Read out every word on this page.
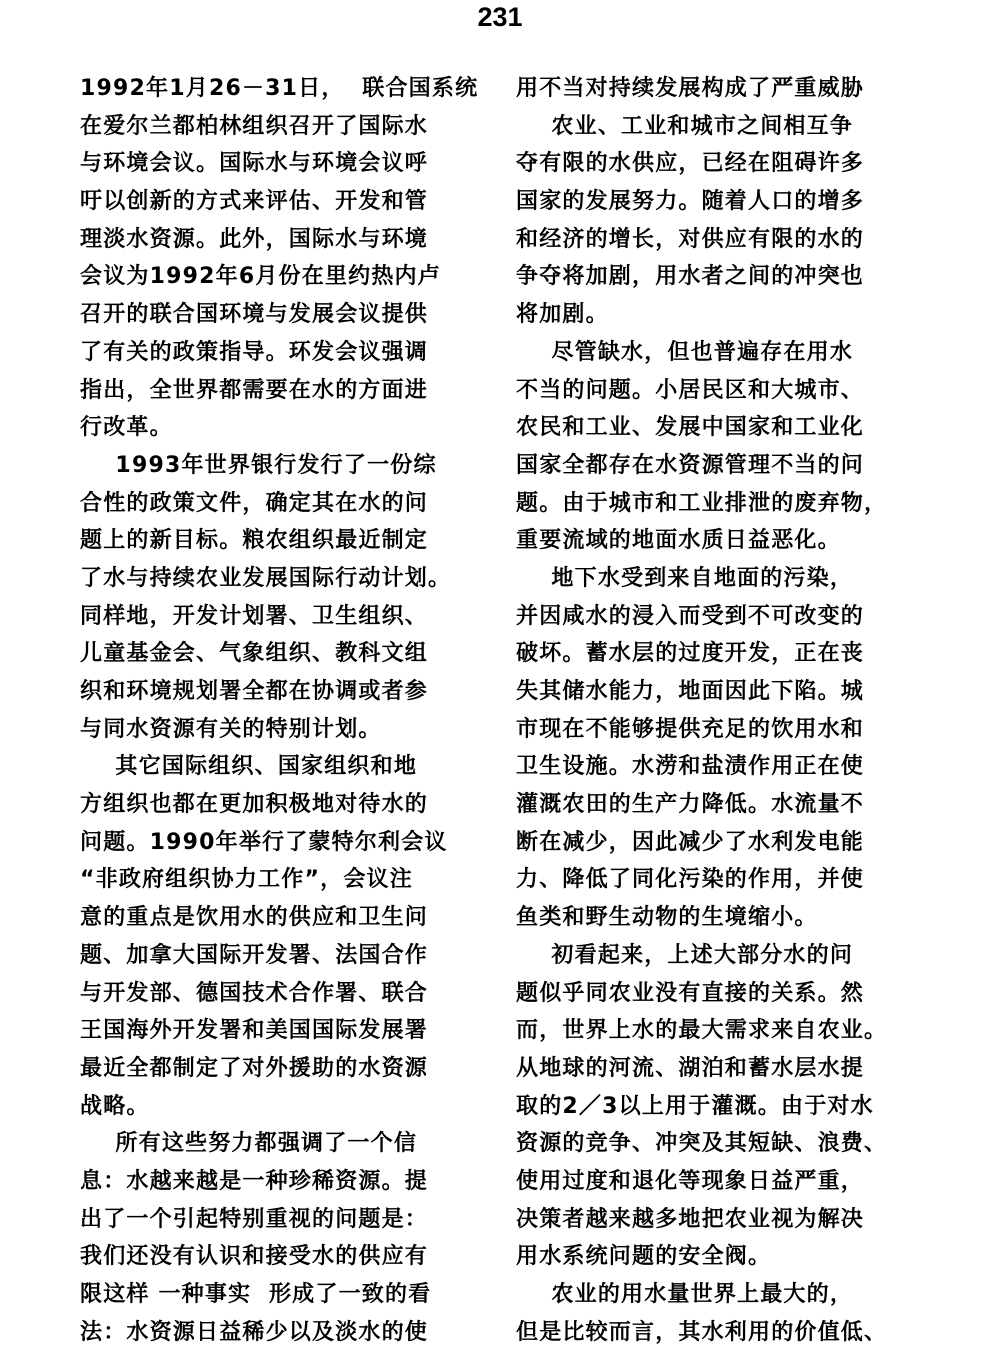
231
1992年1月26－31日，  联合国系统
在爱尔兰都柏林组织召开了国际水
与环境会议。国际水与环境会议呼
吁以创新的方式来评估、开发和管
理淡水资源。此外，国际水与环境
会议为1992年6月份在里约热内卢
召开的联合国环境与发展会议提供
了有关的政策指导。环发会议强调
指出，全世界都需要在水的方面进
行改革。
1993年世界银行发行了一份综
合性的政策文件，确定其在水的问
题上的新目标。粮农组织最近制定
了水与持续农业发展国际行动计划。
同样地，开发计划署、卫生组织、
儿童基金会、气象组织、教科文组
织和环境规划署全都在协调或者参
与同水资源有关的特别计划。
其它国际组织、国家组织和地
方组织也都在更加积极地对待水的
问题。1990年举行了蒙特尔利会议
“非政府组织协力工作”，会议注
意的重点是饮用水的供应和卫生问
题、加拿大国际开发署、法国合作
与开发部、德国技术合作署、联合
王国海外开发署和美国国际发展署
最近全都制定了对外援助的水资源
战略。
所有这些努力都强调了一个信
息：水越来越是一种珍稀资源。提
出了一个引起特别重视的问题是：
我们还没有认识和接受水的供应有
限这样 一种事实  形成了一致的看
法：水资源日益稀少以及淡水的使
用不当对持续发展构成了严重威胁
农业、工业和城市之间相互争
夺有限的水供应，已经在阻碍许多
国家的发展努力。随着人口的增多
和经济的增长，对供应有限的水的
争夺将加剧，用水者之间的冲突也
将加剧。
尽管缺水，但也普遍存在用水
不当的问题。小居民区和大城市、
农民和工业、发展中国家和工业化
国家全都存在水资源管理不当的问
题。由于城市和工业排泄的废弃物，
重要流域的地面水质日益恶化。
地下水受到来自地面的污染，
并因咸水的浸入而受到不可改变的
破坏。蓄水层的过度开发，正在丧
失其储水能力，地面因此下陷。城
市现在不能够提供充足的饮用水和
卫生设施。水涝和盐渍作用正在使
灌溉农田的生产力降低。水流量不
断在减少，因此减少了水利发电能
力、降低了同化污染的作用，并使
鱼类和野生动物的生境缩小。
初看起来，上述大部分水的问
题似乎同农业没有直接的关系。然
而，世界上水的最大需求来自农业。
从地球的河流、湖泊和蓄水层水提
取的2／3以上用于灌溉。由于对水
资源的竞争、冲突及其短缺、浪费、
使用过度和退化等现象日益严重，
决策者越来越多地把农业视为解决
用水系统问题的安全阀。
农业的用水量世界上最大的，
但是比较而言，其水利用的价值低、
